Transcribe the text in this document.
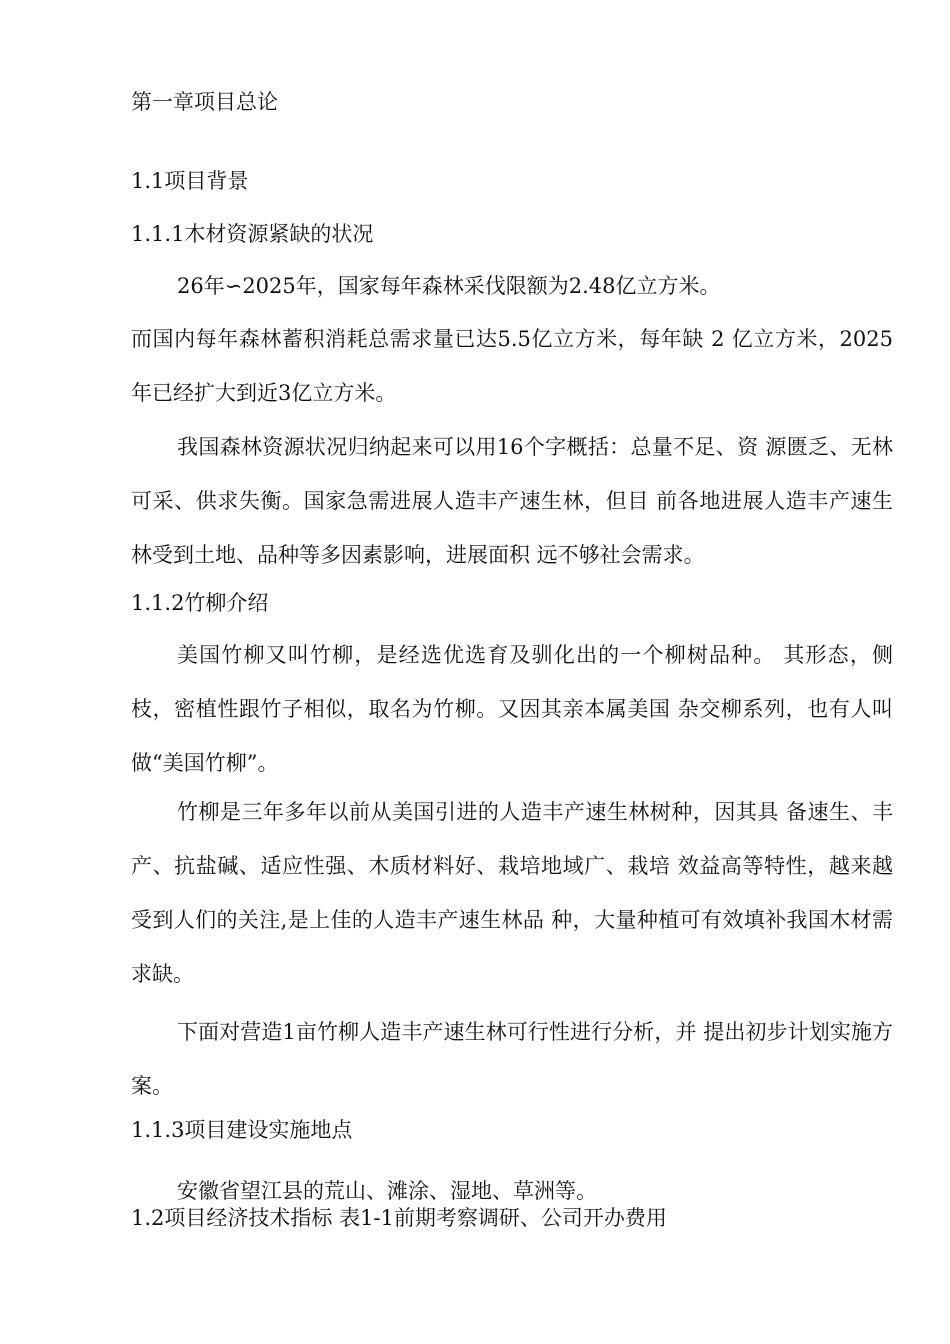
第一章项目总论
1.1项目背景
1.1.1木材资源紧缺的状况
26年∽2025年，国家每年森林采伐限额为2.48亿立方米。
而国内每年森林蓄积消耗总需求量已达5.5亿立方米，每年缺 2 亿立方米，2025年已经扩大到近3亿立方米。
我国森林资源状况归纳起来可以用16个字概括：总量不足、资 源匮乏、无林可采、供求失衡。国家急需进展人造丰产速生林，但目 前各地进展人造丰产速生林受到土地、品种等多因素影响，进展面积 远不够社会需求。
1.1.2竹柳介绍
美国竹柳又叫竹柳，是经选优选育及驯化出的一个柳树品种。 其形态，侧枝，密植性跟竹子相似，取名为竹柳。又因其亲本属美国 杂交柳系列，也有人叫做“美国竹柳”。
竹柳是三年多年以前从美国引进的人造丰产速生林树种，因其具 备速生、丰产、抗盐碱、适应性强、木质材料好、栽培地域广、栽培 效益高等特性，越来越受到人们的关注,是上佳的人造丰产速生林品 种，大量种植可有效填补我国木材需求缺。
下面对营造1亩竹柳人造丰产速生林可行性进行分析，并 提出初步计划实施方案。
1.1.3项目建设实施地点
安徽省望江县的荒山、滩涂、湿地、草洲等。
1.2项目经济技术指标 表1-1前期考察调研、公司开办费用
